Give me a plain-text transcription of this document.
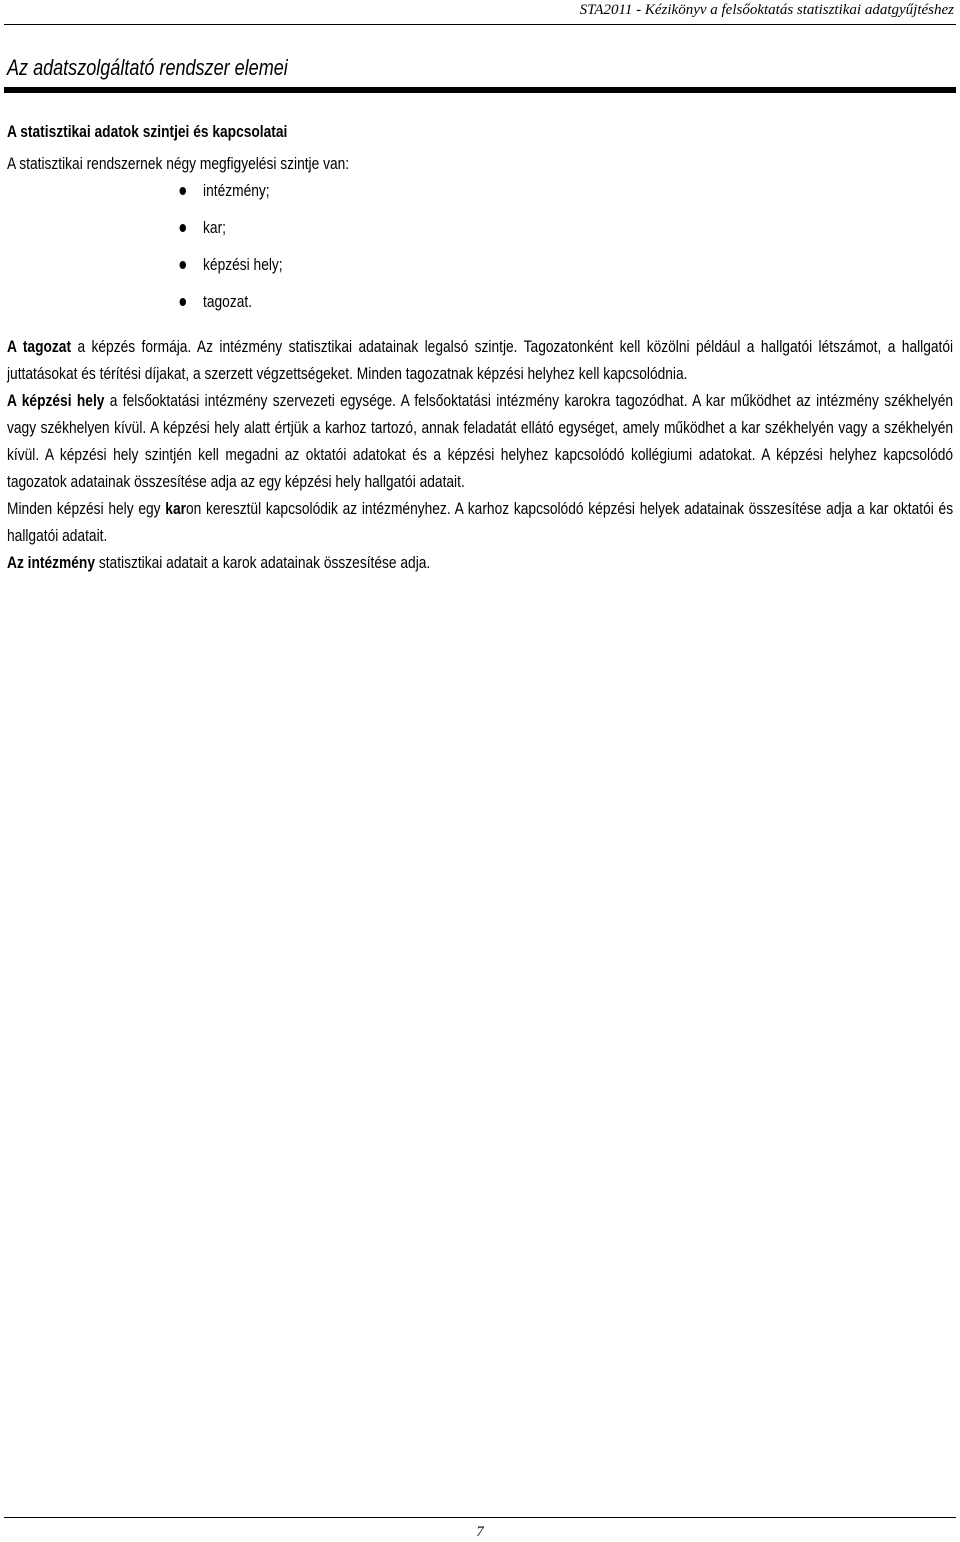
STA2011 - Kézikönyv a felsőoktatás statisztikai adatgyűjtéshez
Az adatszolgáltató rendszer elemei

A statisztikai adatok szintjei és kapcsolatai

A statisztikai rendszernek négy megfigyelési szintje van:

intézmény;
kar;
képzési hely;
tagozat.

A tagozat a képzés formája. Az intézmény statisztikai adatainak legalsó szintje. Tagozatonként kell közölni például a hallgatói létszámot, a hallgatói juttatásokat és térítési díjakat, a szerzett végzettségeket. Minden tagozatnak képzési helyhez kell kapcsolódnia.

A képzési hely a felsőoktatási intézmény szervezeti egysége. A felsőoktatási intézmény karokra tagozódhat. A kar működhet az intézmény székhelyén vagy székhelyen kívül. A képzési hely alatt értjük a karhoz tartozó, annak feladatát ellátó egységet, amely működhet a kar székhelyén vagy a székhelyén kívül. A képzési hely szintjén kell megadni az oktatói adatokat és a képzési helyhez kapcsolódó kollégiumi adatokat. A képzési helyhez kapcsolódó tagozatok adatainak összesítése adja az egy képzési hely hallgatói adatait.

Minden képzési hely egy karon keresztül kapcsolódik az intézményhez. A karhoz kapcsolódó képzési helyek adatainak összesítése adja a kar oktatói és hallgatói adatait.

Az intézmény statisztikai adatait a karok adatainak összesítése adja.

7
